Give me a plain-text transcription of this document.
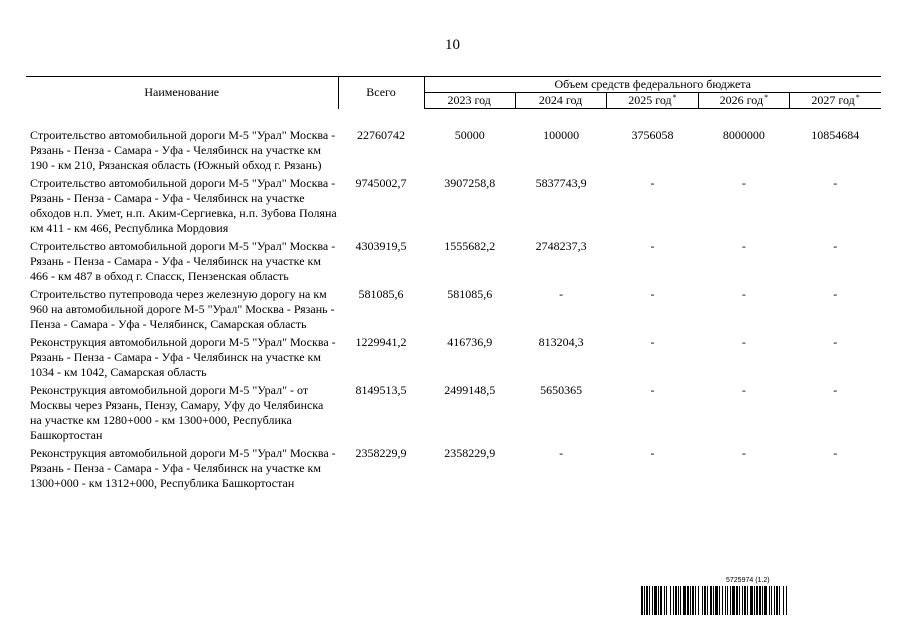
10
Наименование	Всего	Объем средств федерального бюджета				
		2023 год	2024 год	2025 год*	2026 год*	2027 год*

Строительство автомобильной дороги М-5 "Урал" Москва - Рязань - Пенза - Самара - Уфа - Челябинск на участке км 190 - км 210, Рязанская область (Южный обход г. Рязань)	22760742	50000	100000	3756058	8000000	10854684
Строительство автомобильной дороги М-5 "Урал" Москва - Рязань - Пенза - Самара - Уфа - Челябинск на участке обходов н.п. Умет, н.п. Аким-Сергиевка, н.п. Зубова Поляна км 411 - км 466, Республика Мордовия	9745002,7	3907258,8	5837743,9	-	-	-
Строительство автомобильной дороги М-5 "Урал" Москва - Рязань - Пенза - Самара - Уфа - Челябинск на участке км 466 - км 487 в обход г. Спасск, Пензенская область	4303919,5	1555682,2	2748237,3	-	-	-
Строительство путепровода через железную дорогу на км 960 на автомобильной дороге М-5 "Урал" Москва - Рязань - Пенза - Самара - Уфа - Челябинск, Самарская область	581085,6	581085,6	-	-	-	-
Реконструкция автомобильной дороги М-5 "Урал" Москва - Рязань - Пенза - Самара - Уфа - Челябинск на участке км 1034 - км 1042, Самарская область	1229941,2	416736,9	813204,3	-	-	-
Реконструкция автомобильной дороги М-5 "Урал" - от Москвы через Рязань, Пензу, Самару, Уфу до Челябинска на участке км 1280+000 - км 1300+000, Республика Башкортостан	8149513,5	2499148,5	5650365	-	-	-
Реконструкция автомобильной дороги М-5 "Урал" Москва - Рязань - Пенза - Самара - Уфа - Челябинск на участке км 1300+000 - км 1312+000, Республика Башкортостан	2358229,9	2358229,9	-	-	-	-
5725974 (1.2)
